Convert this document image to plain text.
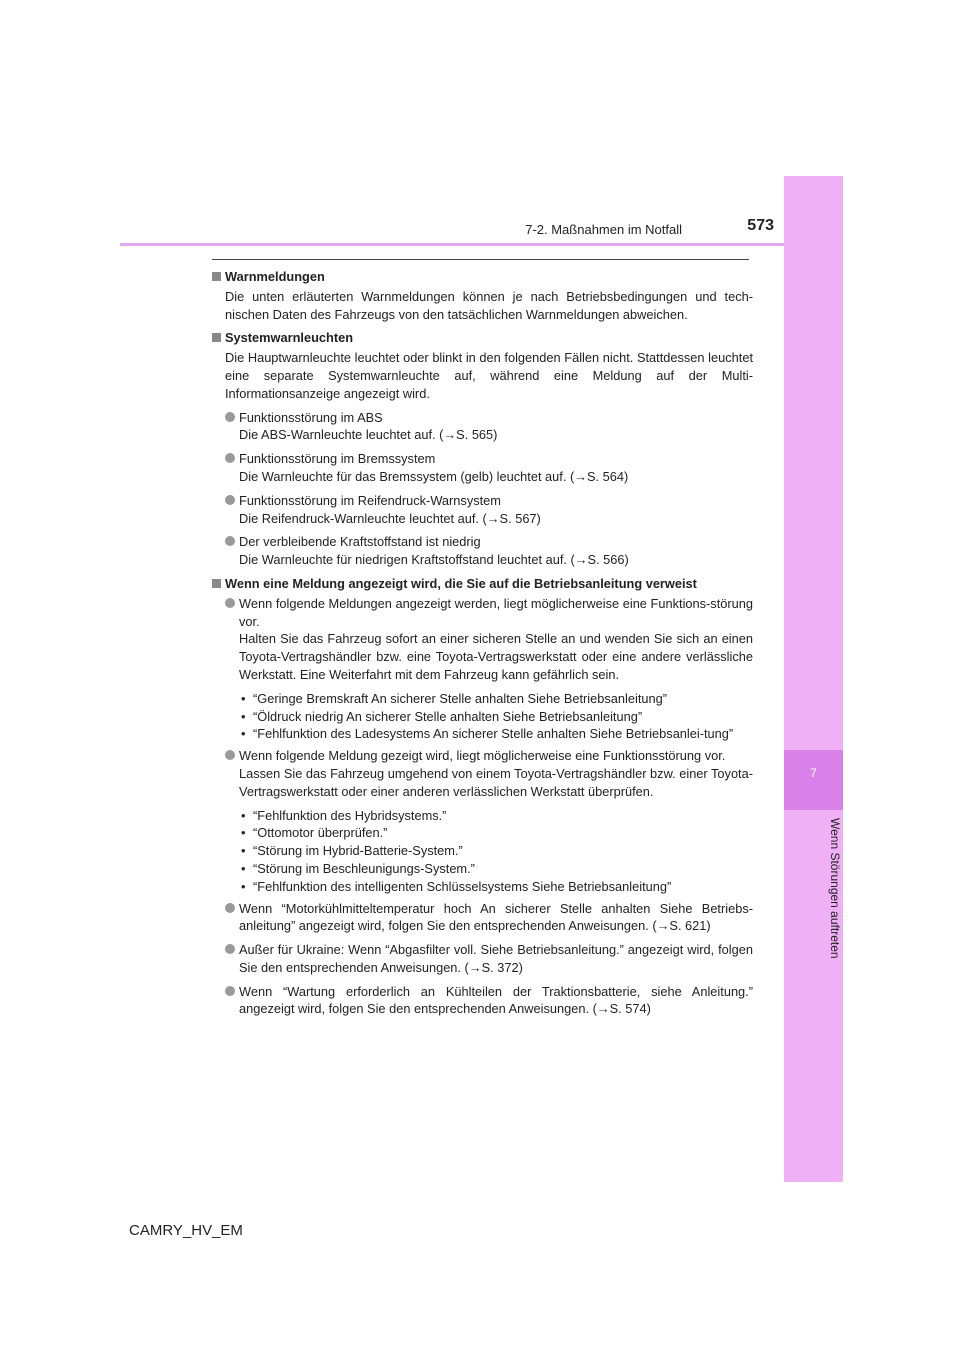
7-2. Maßnahmen im Notfall	573
7
Wenn Störungen auftreten
Warnmeldungen
Die unten erläuterten Warnmeldungen können je nach Betriebsbedingungen und tech-nischen Daten des Fahrzeugs von den tatsächlichen Warnmeldungen abweichen.
Systemwarnleuchten
Die Hauptwarnleuchte leuchtet oder blinkt in den folgenden Fällen nicht. Stattdessen leuchtet eine separate Systemwarnleuchte auf, während eine Meldung auf der Multi-Informationsanzeige angezeigt wird.
Funktionsstörung im ABS
Die ABS-Warnleuchte leuchtet auf. (→S. 565)
Funktionsstörung im Bremssystem
Die Warnleuchte für das Bremssystem (gelb) leuchtet auf. (→S. 564)
Funktionsstörung im Reifendruck-Warnsystem
Die Reifendruck-Warnleuchte leuchtet auf. (→S. 567)
Der verbleibende Kraftstoffstand ist niedrig
Die Warnleuchte für niedrigen Kraftstoffstand leuchtet auf. (→S. 566)
Wenn eine Meldung angezeigt wird, die Sie auf die Betriebsanleitung verweist
Wenn folgende Meldungen angezeigt werden, liegt möglicherweise eine Funktions-störung vor.
Halten Sie das Fahrzeug sofort an einer sicheren Stelle an und wenden Sie sich an einen Toyota-Vertragshändler bzw. eine Toyota-Vertragswerkstatt oder eine andere verlässliche Werkstatt. Eine Weiterfahrt mit dem Fahrzeug kann gefährlich sein.
• “Geringe Bremskraft An sicherer Stelle anhalten Siehe Betriebsanleitung”
• “Öldruck niedrig An sicherer Stelle anhalten Siehe Betriebsanleitung”
• “Fehlfunktion des Ladesystems An sicherer Stelle anhalten Siehe Betriebsanlei-tung”
Wenn folgende Meldung gezeigt wird, liegt möglicherweise eine Funktionsstörung vor.
Lassen Sie das Fahrzeug umgehend von einem Toyota-Vertragshändler bzw. einer Toyota-Vertragswerkstatt oder einer anderen verlässlichen Werkstatt überprüfen.
• “Fehlfunktion des Hybridsystems.”
• “Ottomotor überprüfen.”
• “Störung im Hybrid-Batterie-System.”
• “Störung im Beschleunigungs-System.”
• “Fehlfunktion des intelligenten Schlüsselsystems Siehe Betriebsanleitung”
Wenn “Motorkühlmitteltemperatur hoch An sicherer Stelle anhalten Siehe Betriebs-anleitung” angezeigt wird, folgen Sie den entsprechenden Anweisungen. (→S. 621)
Außer für Ukraine: Wenn “Abgasfilter voll. Siehe Betriebsanleitung.” angezeigt wird, folgen Sie den entsprechenden Anweisungen. (→S. 372)
Wenn “Wartung erforderlich an Kühlteilen der Traktionsbatterie, siehe Anleitung.” angezeigt wird, folgen Sie den entsprechenden Anweisungen. (→S. 574)
CAMRY_HV_EM
